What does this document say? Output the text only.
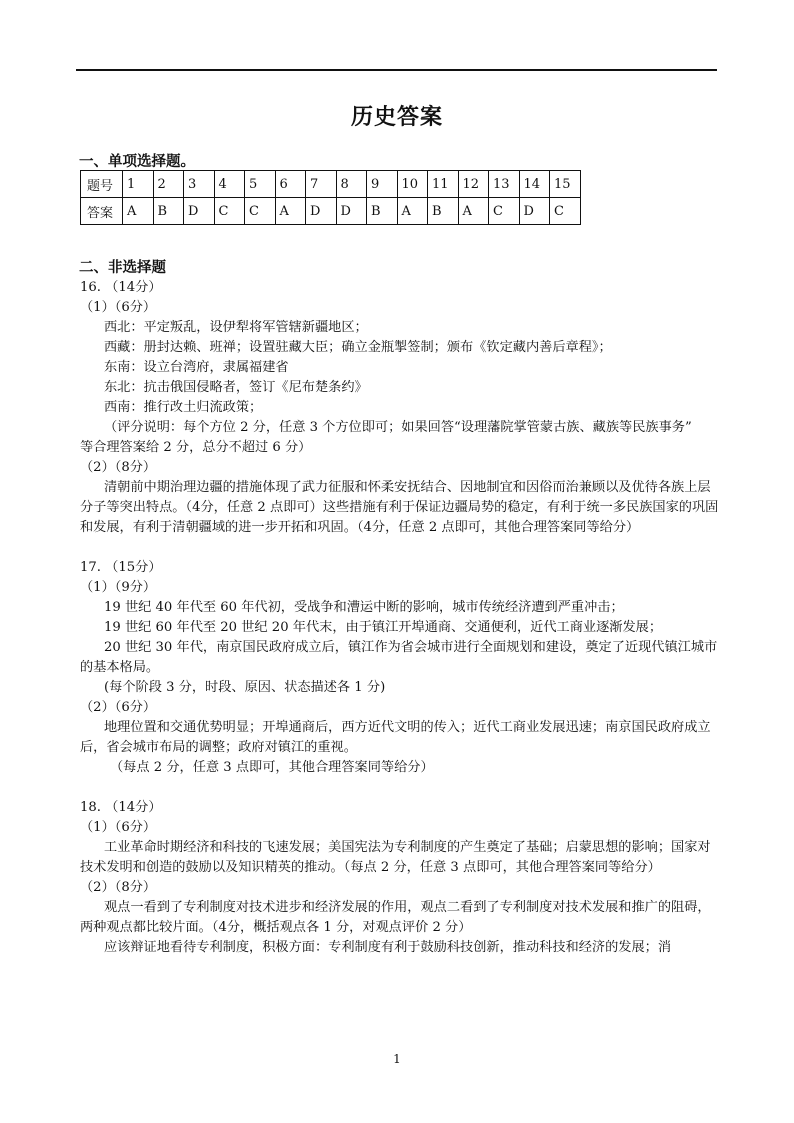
历史答案
一、单项选择题。
题号	1	2	3	4	5	6	7	8	9	10	11	12	13	14	15
答案	A	B	D	C	C	A	D	D	B	A	B	A	C	D	C
二、非选择题
16. （14分）
（1）（6分）
西北：平定叛乱，设伊犁将军管辖新疆地区；
西藏：册封达赖、班禅；设置驻藏大臣；确立金瓶掣签制；颁布《钦定藏内善后章程》；
东南：设立台湾府，隶属福建省
东北：抗击俄国侵略者，签订《尼布楚条约》
西南：推行改土归流政策；
（评分说明：每个方位 2 分，任意 3 个方位即可；如果回答“设理藩院掌管蒙古族、藏族等民族事务”
等合理答案给 2 分，总分不超过 6 分）
（2）（8分）
清朝前中期治理边疆的措施体现了武力征服和怀柔安抚结合、因地制宜和因俗而治兼顾以及优待各族上层分子等突出特点。（4分，任意 2 点即可）这些措施有利于保证边疆局势的稳定，有利于统一多民族国家的巩固和发展，有利于清朝疆域的进一步开拓和巩固。（4分，任意 2 点即可，其他合理答案同等给分）
17. （15分）
（1）（9分）
19 世纪 40 年代至 60 年代初，受战争和漕运中断的影响，城市传统经济遭到严重冲击；
19 世纪 60 年代至 20 世纪 20 年代末，由于镇江开埠通商、交通便利，近代工商业逐渐发展；
20 世纪 30 年代，南京国民政府成立后，镇江作为省会城市进行全面规划和建设，奠定了近现代镇江城市的基本格局。
(每个阶段 3 分，时段、原因、状态描述各 1 分)
（2）（6分）
地理位置和交通优势明显；开埠通商后，西方近代文明的传入；近代工商业发展迅速；南京国民政府成立后，省会城市布局的调整；政府对镇江的重视。
（每点 2 分，任意 3 点即可，其他合理答案同等给分）
18. （14分）
（1）（6分）
工业革命时期经济和科技的飞速发展；美国宪法为专利制度的产生奠定了基础；启蒙思想的影响；国家对技术发明和创造的鼓励以及知识精英的推动。（每点 2 分，任意 3 点即可，其他合理答案同等给分）
（2）（8分）
观点一看到了专利制度对技术进步和经济发展的作用，观点二看到了专利制度对技术发展和推广的阻碍，两种观点都比较片面。（4分，概括观点各 1 分，对观点评价 2 分）
应该辩证地看待专利制度，积极方面：专利制度有利于鼓励科技创新，推动科技和经济的发展；消
1
